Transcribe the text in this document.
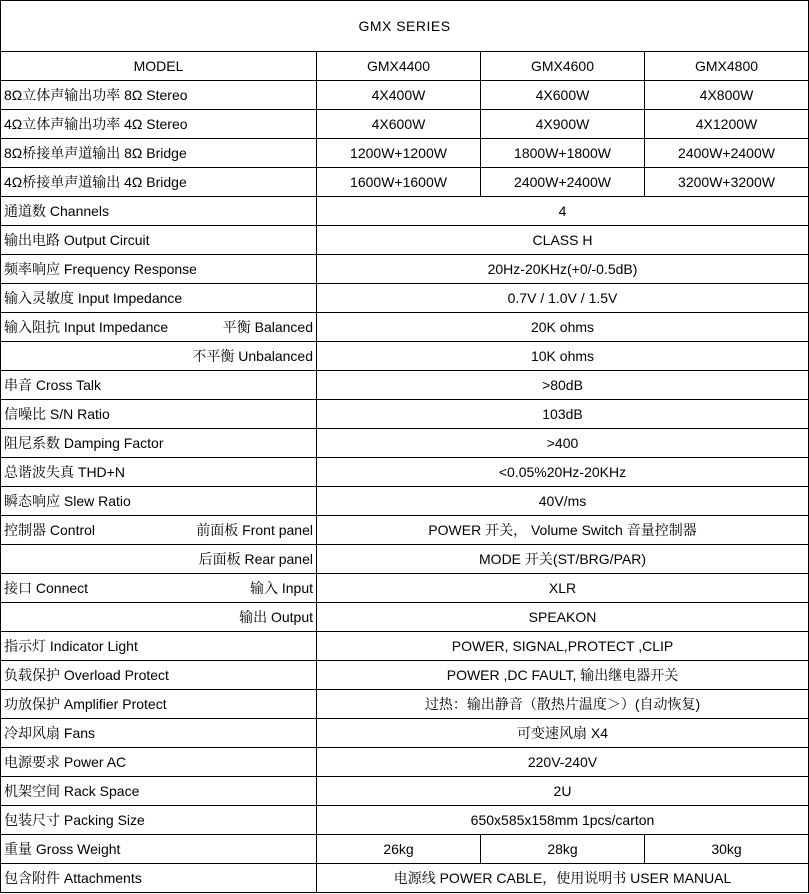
GMX SERIES			
MODEL	GMX4400	GMX4600	GMX4800
8Ω立体声输出功率 8Ω Stereo	4X400W	4X600W	4X800W
4Ω立体声输出功率 4Ω Stereo	4X600W	4X900W	4X1200W
8Ω桥接单声道输出 8Ω Bridge	1200W+1200W	1800W+1800W	2400W+2400W
4Ω桥接单声道输出 4Ω Bridge	1600W+1600W	2400W+2400W	3200W+3200W
通道数 Channels	4		
输出电路 Output Circuit	CLASS H		
频率响应 Frequency Response	20Hz-20KHz(+0/-0.5dB)		
输入灵敏度 Input Impedance	0.7V / 1.0V / 1.5V		

输入阻抗 Input Impedance 平衡 Balanced	20K ohms		
不平衡 Unbalanced	10K ohms		
串音 Cross Talk	>80dB		
信噪比 S/N Ratio	103dB		
阻尼系数 Damping Factor	>400		
总谐波失真 THD+N	<0.05%20Hz-20KHz		
瞬态响应 Slew Ratio	40V/ms		

控制器 Control 前面板 Front panel	POWER 开关， Volume Switch 音量控制器		
后面板 Rear panel	MODE 开关(ST/BRG/PAR)		

接口 Connect 输入 Input	XLR		
输出 Output	SPEAKON		
指示灯 Indicator Light	POWER, SIGNAL,PROTECT ,CLIP		
负载保护 Overload Protect	POWER ,DC FAULT, 输出继电器开关		
功放保护 Amplifier Protect	过热：输出静音（散热片温度＞）(自动恢复)		
冷却风扇 Fans	可变速风扇 X4		
电源要求 Power AC	220V-240V		
机架空间 Rack Space	2U		
包装尺寸 Packing Size	650x585x158mm 1pcs/carton		
重量 Gross Weight	26kg	28kg	30kg
包含附件 Attachments	电源线 POWER CABLE，使用说明书 USER MANUAL		
